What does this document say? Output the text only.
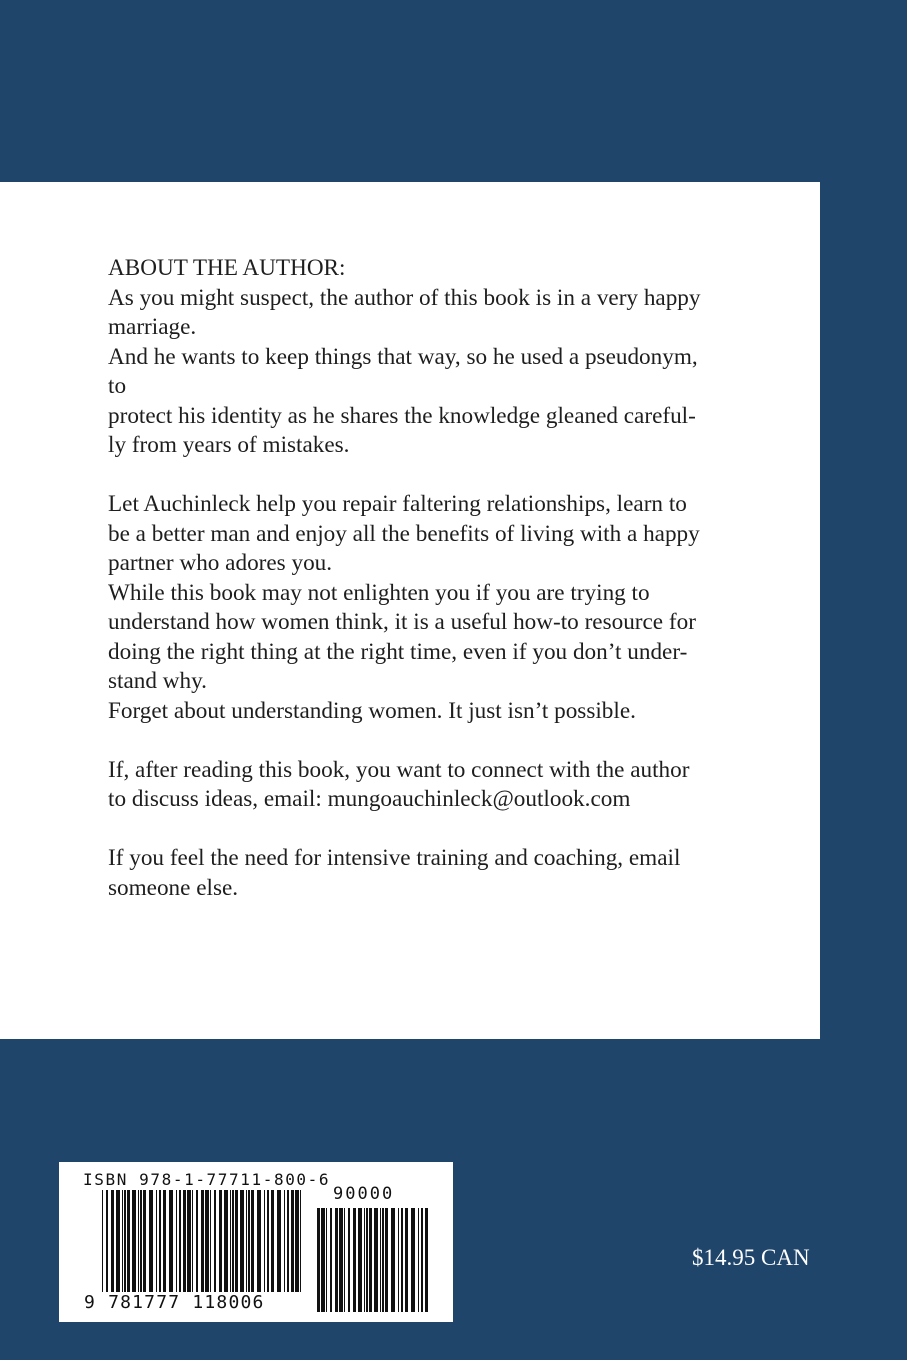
ABOUT THE AUTHOR:
As you might suspect, the author of this book is in a very happy
marriage.
And he wants to keep things that way, so he used a pseudonym,
to
protect his identity as he shares the knowledge gleaned careful-
ly from years of mistakes.
Let Auchinleck help you repair faltering relationships, learn to
be a better man and enjoy all the benefits of living with a happy
partner who adores you.
While this book may not enlighten you if you are trying to
understand how women think, it is a useful how-to resource for
doing the right thing at the right time, even if you don’t under-
stand why.
Forget about understanding women. It just isn’t possible.
If, after reading this book, you want to connect with the author
to discuss ideas, email: mungoauchinleck@outlook.com
If you feel the need for intensive training and coaching, email
someone else.
ISBN 978-1-77711-800-6
90000
9 781777 118006
$14.95 CAN
